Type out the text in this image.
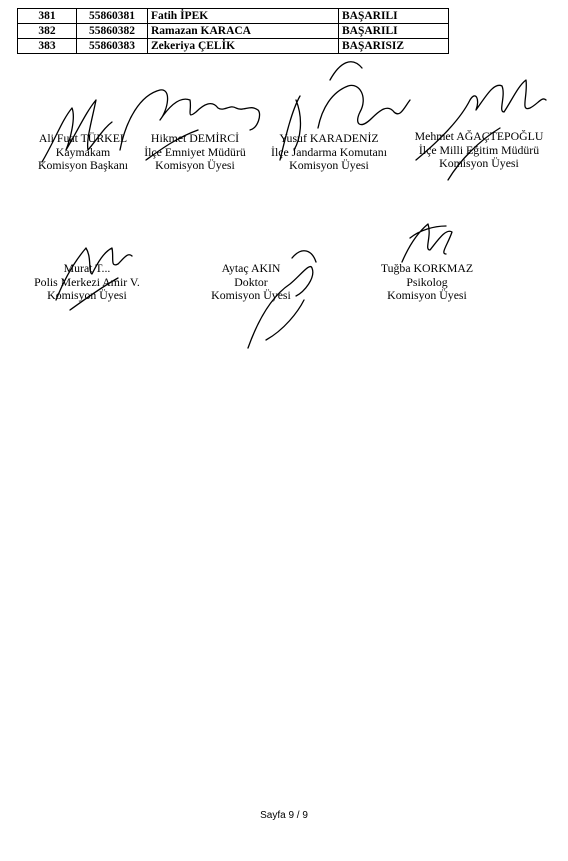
381	55860381	Fatih İPEK	BAŞARILI
382	55860382	Ramazan KARACA	BAŞARILI
383	55860383	Zekeriya ÇELİK	BAŞARISIZ
Ali Fuat TÜRKEL
Kaymakam
Komisyon Başkanı
Hikmet DEMİRCİ
İlçe Emniyet Müdürü
Komisyon Üyesi
Yusuf KARADENİZ
İlçe Jandarma Komutanı
Komisyon Üyesi
Mehmet AĞAÇTEPOĞLU
İlçe Milli Eğitim Müdürü
Komisyon Üyesi
Murat T...
Polis Merkezi Amir V.
Komisyon Üyesi
Aytaç AKIN
Doktor
Komisyon Üyesi
Tuğba KORKMAZ
Psikolog
Komisyon Üyesi
Sayfa 9 / 9
